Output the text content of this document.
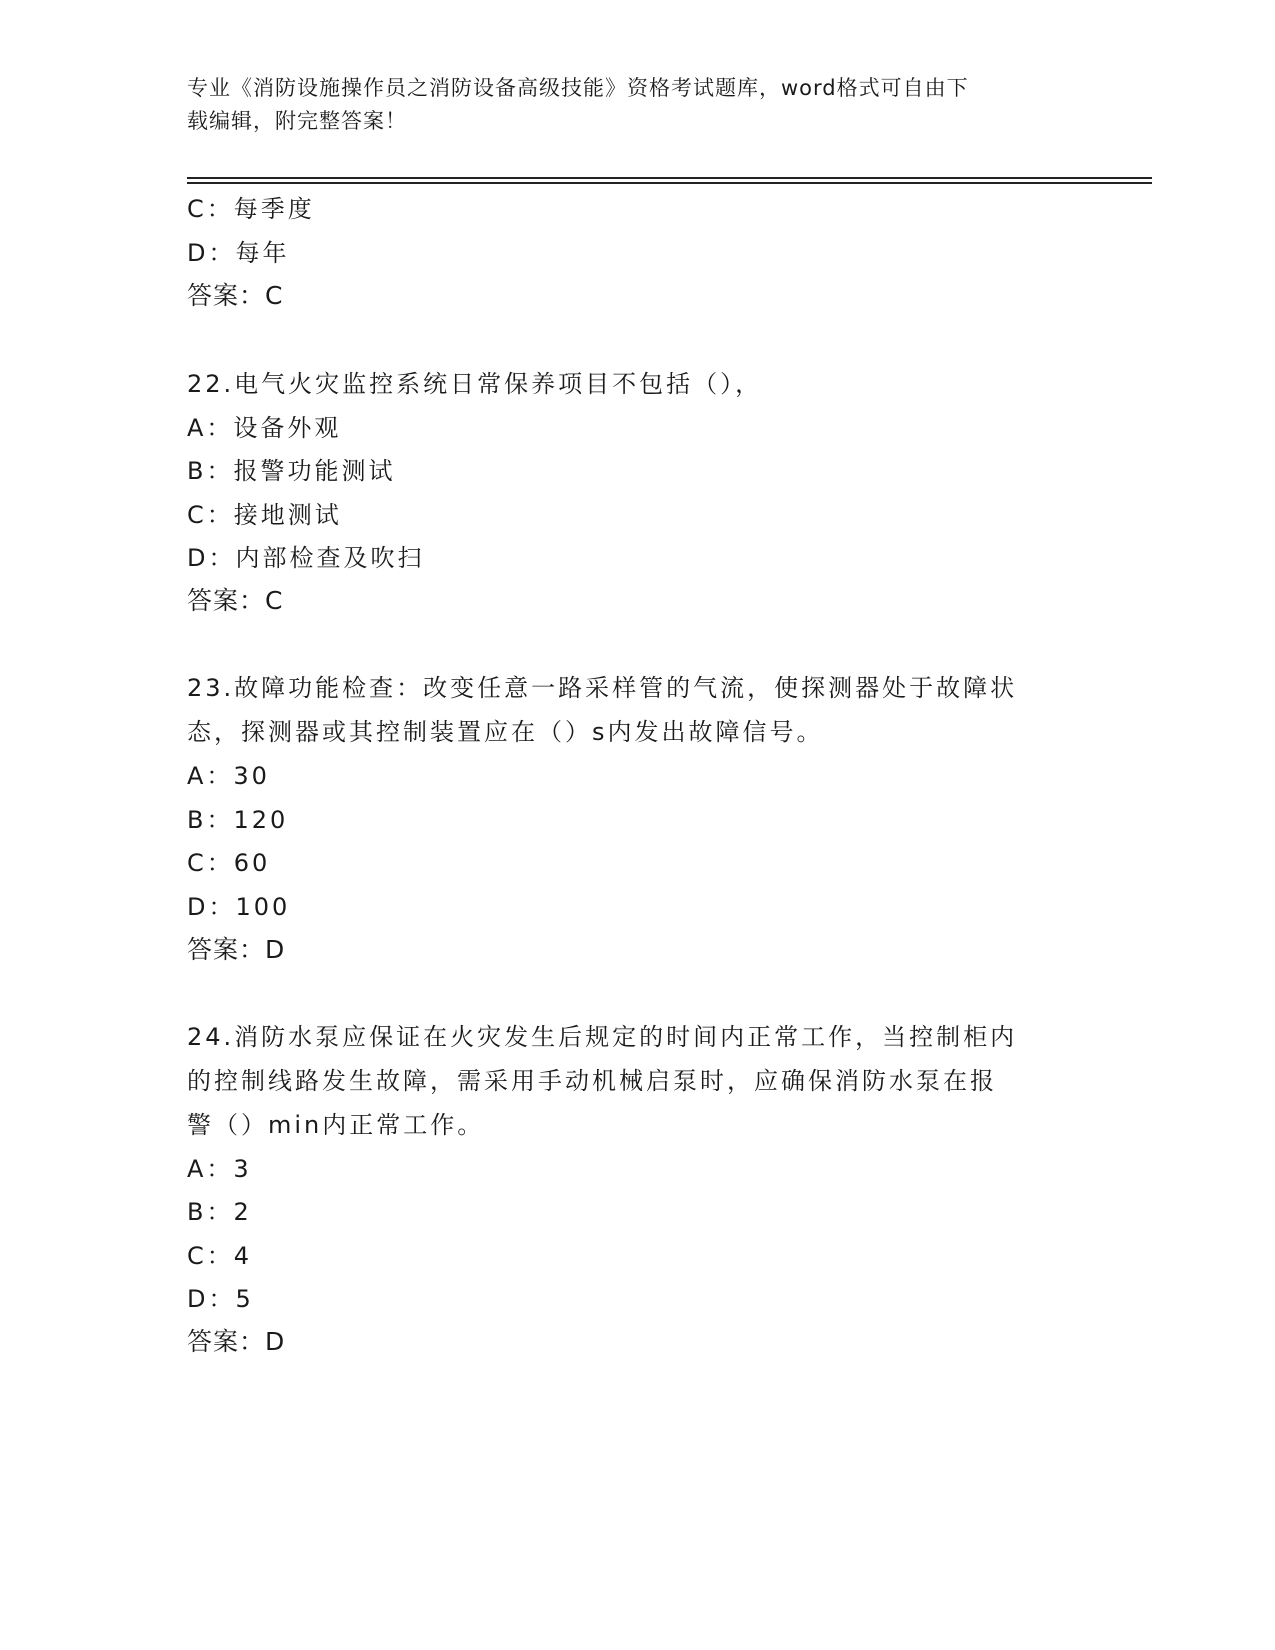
专业《消防设施操作员之消防设备高级技能》资格考试题库，word格式可自由下
载编辑，附完整答案！
C：每季度
D：每年
答案：C
22.电气火灾监控系统日常保养项目不包括（），
A：设备外观
B：报警功能测试
C：接地测试
D：内部检查及吹扫
答案：C
23.故障功能检查：改变任意一路采样管的气流，使探测器处于故障状
态，探测器或其控制装置应在（）s内发出故障信号。
A：30
B：120
C：60
D：100
答案：D
24.消防水泵应保证在火灾发生后规定的时间内正常工作，当控制柜内
的控制线路发生故障，需采用手动机械启泵时，应确保消防水泵在报
警（）min内正常工作。
A：3
B：2
C：4
D：5
答案：D
